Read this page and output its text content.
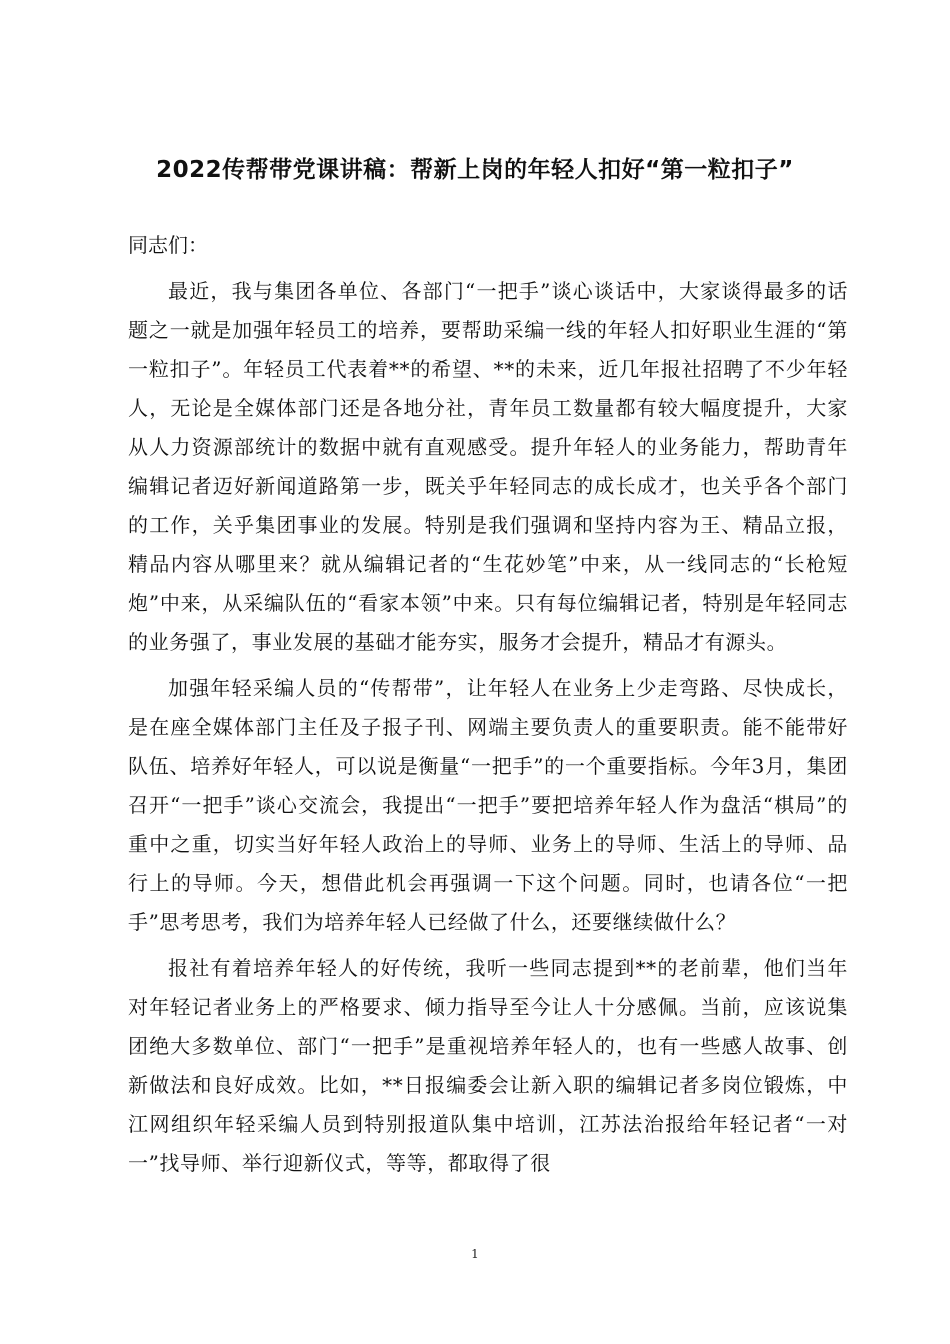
2022传帮带党课讲稿：帮新上岗的年轻人扣好“第一粒扣子”

同志们：

最近，我与集团各单位、各部门“一把手”谈心谈话中，大家谈得最多的话题之一就是加强年轻员工的培养，要帮助采编一线的年轻人扣好职业生涯的“第一粒扣子”。年轻员工代表着**的希望、**的未来，近几年报社招聘了不少年轻人，无论是全媒体部门还是各地分社，青年员工数量都有较大幅度提升，大家从人力资源部统计的数据中就有直观感受。提升年轻人的业务能力，帮助青年编辑记者迈好新闻道路第一步，既关乎年轻同志的成长成才，也关乎各个部门的工作，关乎集团事业的发展。特别是我们强调和坚持内容为王、精品立报，精品内容从哪里来？就从编辑记者的“生花妙笔”中来，从一线同志的“长枪短炮”中来，从采编队伍的“看家本领”中来。只有每位编辑记者，特别是年轻同志的业务强了，事业发展的基础才能夯实，服务才会提升，精品才有源头。

加强年轻采编人员的“传帮带”，让年轻人在业务上少走弯路、尽快成长，是在座全媒体部门主任及子报子刊、网端主要负责人的重要职责。能不能带好队伍、培养好年轻人，可以说是衡量“一把手”的一个重要指标。今年3月，集团召开“一把手”谈心交流会，我提出“一把手”要把培养年轻人作为盘活“棋局”的重中之重，切实当好年轻人政治上的导师、业务上的导师、生活上的导师、品行上的导师。今天，想借此机会再强调一下这个问题。同时，也请各位“一把手”思考思考，我们为培养年轻人已经做了什么，还要继续做什么？

报社有着培养年轻人的好传统，我听一些同志提到**的老前辈，他们当年对年轻记者业务上的严格要求、倾力指导至今让人十分感佩。当前，应该说集团绝大多数单位、部门“一把手”是重视培养年轻人的，也有一些感人故事、创新做法和良好成效。比如，**日报编委会让新入职的编辑记者多岗位锻炼，中江网组织年轻采编人员到特别报道队集中培训，江苏法治报给年轻记者“一对一”找导师、举行迎新仪式，等等，都取得了很

1
